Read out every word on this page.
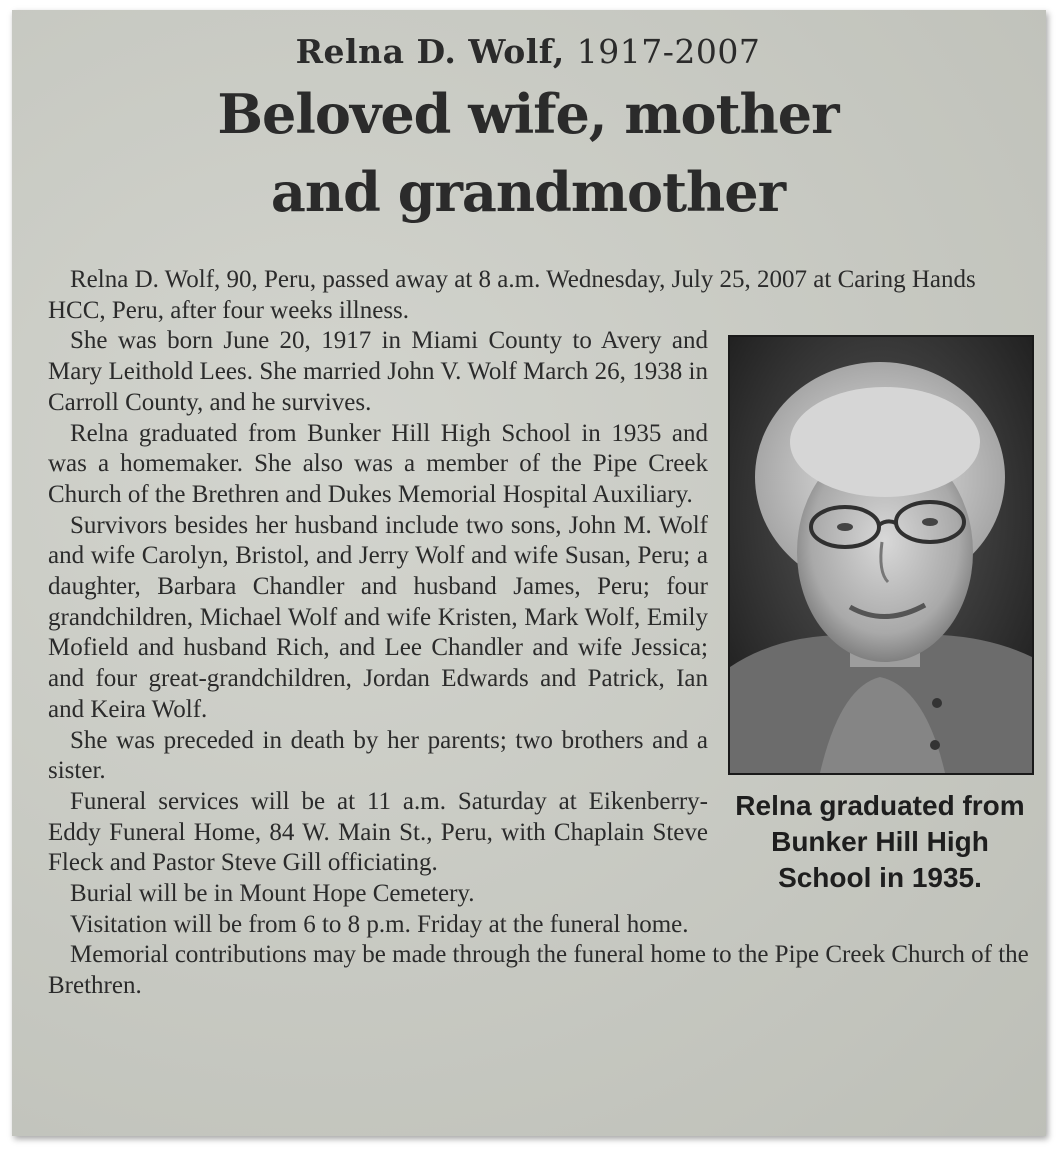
Relna D. Wolf, 1917-2007
Beloved wife, mother
and grandmother

Relna D. Wolf, 90, Peru, passed away at 8 a.m. Wednesday, July 25, 2007 at Caring Hands HCC, Peru, after four weeks illness.

She was born June 20, 1917 in Miami County to Avery and Mary Leithold Lees. She married John V. Wolf March 26, 1938 in Carroll County, and he survives.

Relna graduated from Bunker Hill High School in 1935 and was a homemaker. She also was a member of the Pipe Creek Church of the Brethren and Dukes Memorial Hospital Auxiliary.

Survivors besides her husband include two sons, John M. Wolf and wife Carolyn, Bristol, and Jerry Wolf and wife Susan, Peru; a daughter, Barbara Chandler and husband James, Peru; four grandchildren, Michael Wolf and wife Kristen, Mark Wolf, Emily Mofield and husband Rich, and Lee Chandler and wife Jessica; and four great-grandchildren, Jordan Edwards and Patrick, Ian and Keira Wolf.

She was preceded in death by her parents; two brothers and a sister.

Funeral services will be at 11 a.m. Saturday at Eikenberry-Eddy Funeral Home, 84 W. Main St., Peru, with Chaplain Steve Fleck and Pastor Steve Gill officiating.

Burial will be in Mount Hope Cemetery.

Visitation will be from 6 to 8 p.m. Friday at the funeral home.

Memorial contributions may be made through the funeral home to the Pipe Creek Church of the Brethren.

Relna graduated from Bunker Hill High School in 1935.
